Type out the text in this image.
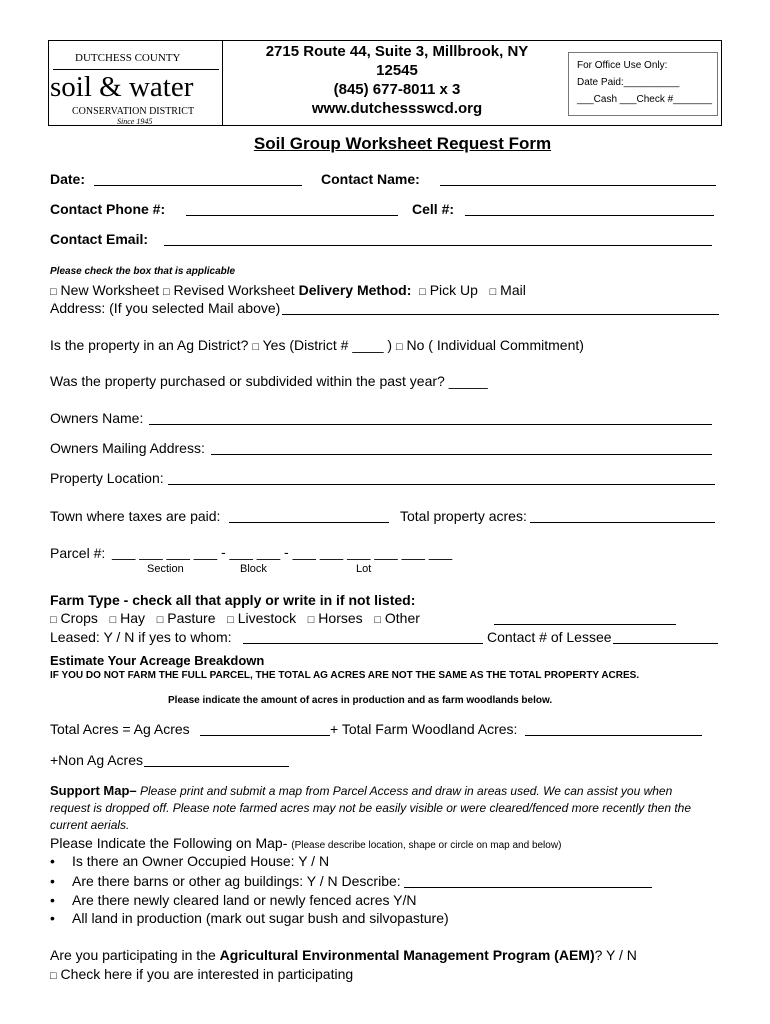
DUTCHESS COUNTY
soil & water
CONSERVATION DISTRICT
Since 1945
2715 Route 44, Suite 3, Millbrook, NY
12545
(845) 677-8011 x 3
www.dutchessswcd.org
For Office Use Only:
Date Paid:__________
___Cash ___Check #_______
Soil Group Worksheet Request Form
Date:	Contact Name:
Contact Phone #:	Cell #:
Contact Email:
Please check the box that is applicable
□ New Worksheet □ Revised Worksheet Delivery Method: □ Pick Up □ Mail
Address: (If you selected Mail above)
Is the property in an Ag District? □ Yes (District # ____ ) □ No ( Individual Commitment)
Was the property purchased or subdivided within the past year? _____
Owners Name:
Owners Mailing Address:
Property Location:
Town where taxes are paid:	Total property acres:
Parcel #: ___ ___ ___ ___ - ___ ___ - ___ ___ ___ ___ ___ ___
Section	Block	Lot
Farm Type - check all that apply or write in if not listed:
□ Crops □ Hay □ Pasture □ Livestock □ Horses □ Other
Leased: Y / N if yes to whom:	Contact # of Lessee
Estimate Your Acreage Breakdown
IF YOU DO NOT FARM THE FULL PARCEL, THE TOTAL AG ACRES ARE NOT THE SAME AS THE TOTAL PROPERTY ACRES.
Please indicate the amount of acres in production and as farm woodlands below.
Total Acres = Ag Acres	+ Total Farm Woodland Acres:
+Non Ag Acres
Support Map– Please print and submit a map from Parcel Access and draw in areas used. We can assist you when
request is dropped off. Please note farmed acres may not be easily visible or were cleared/fenced more recently then the
current aerials.
Please Indicate the Following on Map- (Please describe location, shape or circle on map and below)
• Is there an Owner Occupied House: Y / N
• Are there barns or other ag buildings: Y / N Describe:
• Are there newly cleared land or newly fenced acres Y/N
• All land in production (mark out sugar bush and silvopasture)
Are you participating in the Agricultural Environmental Management Program (AEM)? Y / N
□ Check here if you are interested in participating
